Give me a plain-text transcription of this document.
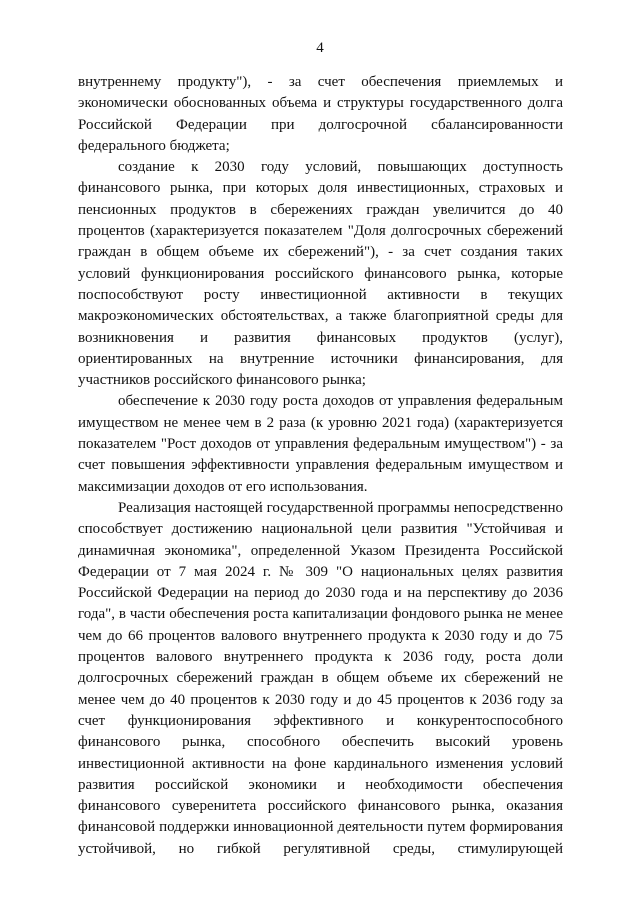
4

внутреннему продукту"), - за счет обеспечения приемлемых и экономически обоснованных объема и структуры государственного долга Российской Федерации при долгосрочной сбалансированности федерального бюджета;

создание к 2030 году условий, повышающих доступность финансового рынка, при которых доля инвестиционных, страховых и пенсионных продуктов в сбережениях граждан увеличится до 40 процентов (характеризуется показателем "Доля долгосрочных сбережений граждан в общем объеме их сбережений"), - за счет создания таких условий функционирования российского финансового рынка, которые поспособствуют росту инвестиционной активности в текущих макроэкономических обстоятельствах, а также благоприятной среды для возникновения и развития финансовых продуктов (услуг), ориентированных на внутренние источники финансирования, для участников российского финансового рынка;

обеспечение к 2030 году роста доходов от управления федеральным имуществом не менее чем в 2 раза (к уровню 2021 года) (характеризуется показателем "Рост доходов от управления федеральным имуществом") - за счет повышения эффективности управления федеральным имуществом и максимизации доходов от его использования.

Реализация настоящей государственной программы непосредственно способствует достижению национальной цели развития "Устойчивая и динамичная экономика", определенной Указом Президента Российской Федерации от 7 мая 2024 г. № 309 "О национальных целях развития Российской Федерации на период до 2030 года и на перспективу до 2036 года", в части обеспечения роста капитализации фондового рынка не менее чем до 66 процентов валового внутреннего продукта к 2030 году и до 75 процентов валового внутреннего продукта к 2036 году, роста доли долгосрочных сбережений граждан в общем объеме их сбережений не менее чем до 40 процентов к 2030 году и до 45 процентов к 2036 году за счет функционирования эффективного и конкурентоспособного финансового рынка, способного обеспечить высокий уровень инвестиционной активности на фоне кардинального изменения условий развития российской экономики и необходимости обеспечения финансового суверенитета российского финансового рынка, оказания финансовой поддержки инновационной деятельности путем формирования устойчивой, но гибкой регулятивной среды, стимулирующей
